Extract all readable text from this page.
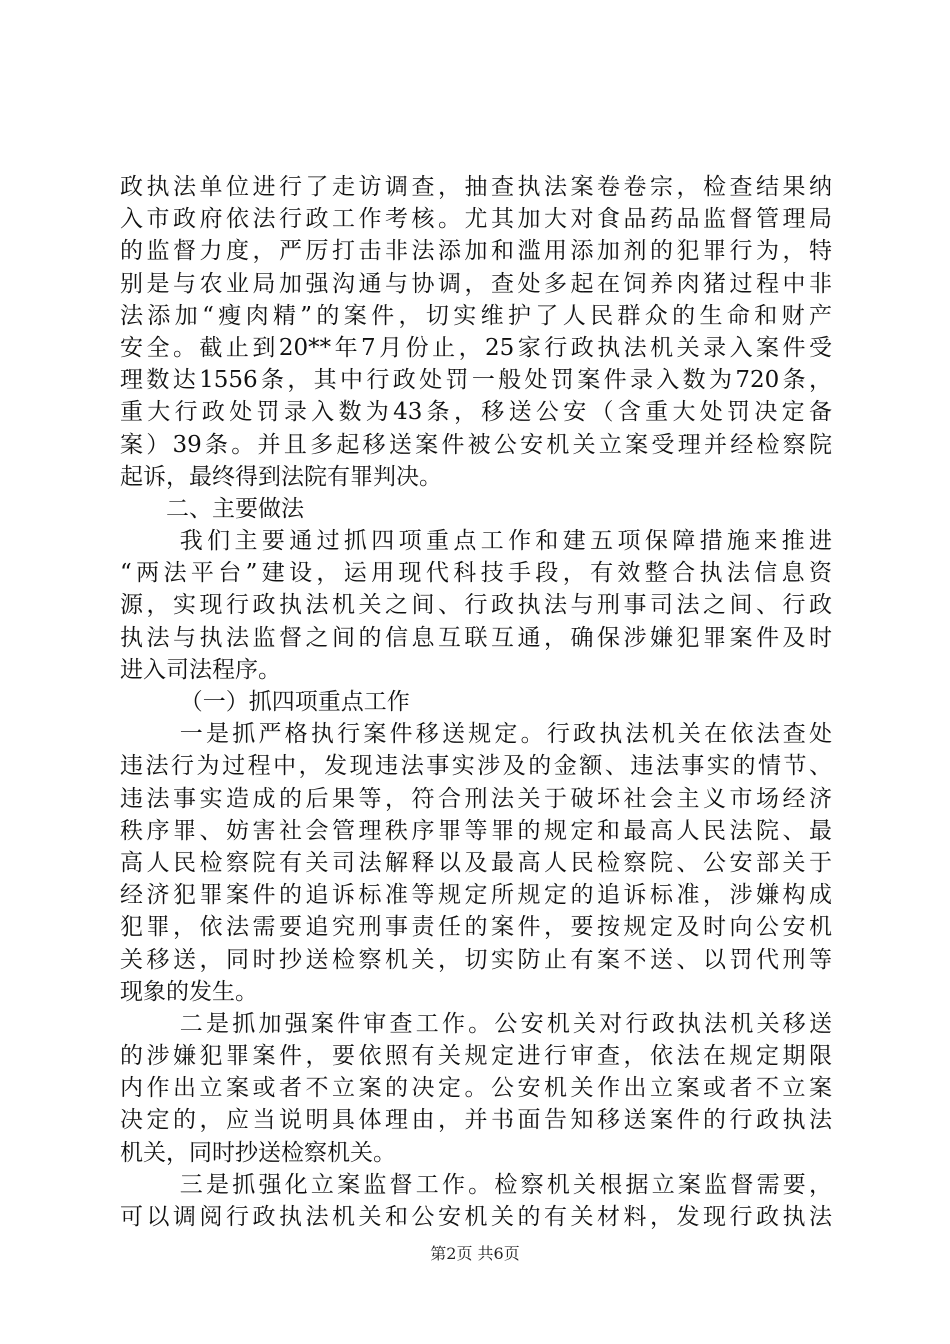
政执法单位进行了走访调查，抽查执法案卷卷宗，检查结果纳
入市政府依法行政工作考核。尤其加大对食品药品监督管理局
的监督力度，严厉打击非法添加和滥用添加剂的犯罪行为，特
别是与农业局加强沟通与协调，查处多起在饲养肉猪过程中非
法添加“瘦肉精”的案件，切实维护了人民群众的生命和财产
安全。截止到20**年7月份止，25家行政执法机关录入案件受
理数达1556条，其中行政处罚一般处罚案件录入数为720条，
重大行政处罚录入数为43条，移送公安（含重大处罚决定备
案）39条。并且多起移送案件被公安机关立案受理并经检察院
起诉，最终得到法院有罪判决。
二、主要做法
我们主要通过抓四项重点工作和建五项保障措施来推进
“两法平台”建设，运用现代科技手段，有效整合执法信息资
源，实现行政执法机关之间、行政执法与刑事司法之间、行政
执法与执法监督之间的信息互联互通，确保涉嫌犯罪案件及时
进入司法程序。
（一）抓四项重点工作
一是抓严格执行案件移送规定。行政执法机关在依法查处
违法行为过程中，发现违法事实涉及的金额、违法事实的情节、
违法事实造成的后果等，符合刑法关于破坏社会主义市场经济
秩序罪、妨害社会管理秩序罪等罪的规定和最高人民法院、最
高人民检察院有关司法解释以及最高人民检察院、公安部关于
经济犯罪案件的追诉标准等规定所规定的追诉标准，涉嫌构成
犯罪，依法需要追究刑事责任的案件，要按规定及时向公安机
关移送，同时抄送检察机关，切实防止有案不送、以罚代刑等
现象的发生。
二是抓加强案件审查工作。公安机关对行政执法机关移送
的涉嫌犯罪案件，要依照有关规定进行审查，依法在规定期限
内作出立案或者不立案的决定。公安机关作出立案或者不立案
决定的，应当说明具体理由，并书面告知移送案件的行政执法
机关，同时抄送检察机关。
三是抓强化立案监督工作。检察机关根据立案监督需要，
可以调阅行政执法机关和公安机关的有关材料，发现行政执法
第2页 共6页
